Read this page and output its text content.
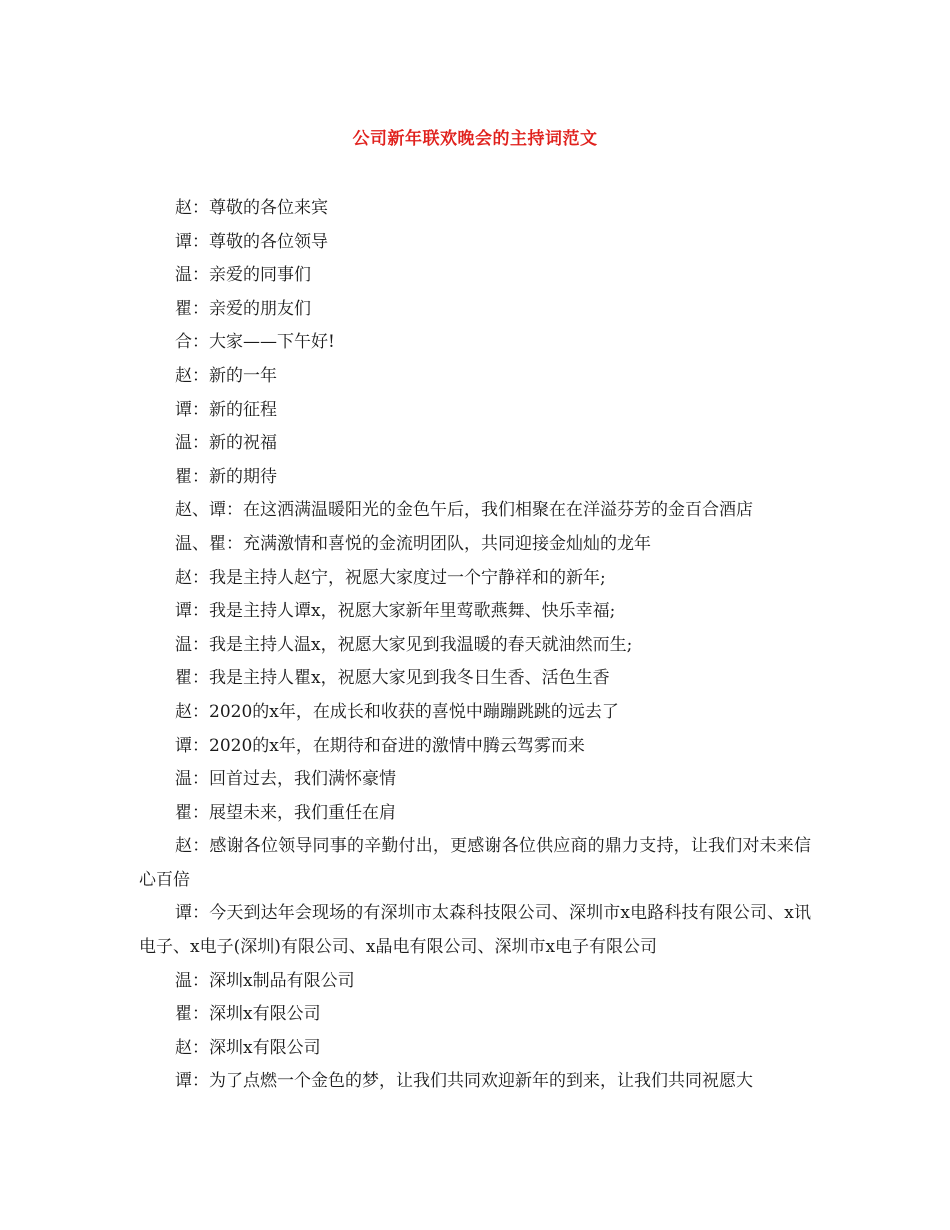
公司新年联欢晚会的主持词范文

赵：尊敬的各位来宾

谭：尊敬的各位领导

温：亲爱的同事们

瞿：亲爱的朋友们

合：大家——下午好!

赵：新的一年

谭：新的征程

温：新的祝福

瞿：新的期待

赵、谭：在这洒满温暖阳光的金色午后，我们相聚在在洋溢芬芳的金百合酒店

温、瞿：充满激情和喜悦的金流明团队，共同迎接金灿灿的龙年

赵：我是主持人赵宁，祝愿大家度过一个宁静祥和的新年;

谭：我是主持人谭x，祝愿大家新年里莺歌燕舞、快乐幸福;

温：我是主持人温x，祝愿大家见到我温暖的春天就油然而生;

瞿：我是主持人瞿x，祝愿大家见到我冬日生香、活色生香

赵：2020的x年，在成长和收获的喜悦中蹦蹦跳跳的远去了

谭：2020的x年，在期待和奋进的激情中腾云驾雾而来

温：回首过去，我们满怀豪情

瞿：展望未来，我们重任在肩

赵：感谢各位领导同事的辛勤付出，更感谢各位供应商的鼎力支持，让我们对未来信心百倍

谭：今天到达年会现场的有深圳市太森科技限公司、深圳市x电路科技有限公司、x讯电子、x电子(深圳)有限公司、x晶电有限公司、深圳市x电子有限公司

温：深圳x制品有限公司

瞿：深圳x有限公司

赵：深圳x有限公司

谭：为了点燃一个金色的梦，让我们共同欢迎新年的到来，让我们共同祝愿大
